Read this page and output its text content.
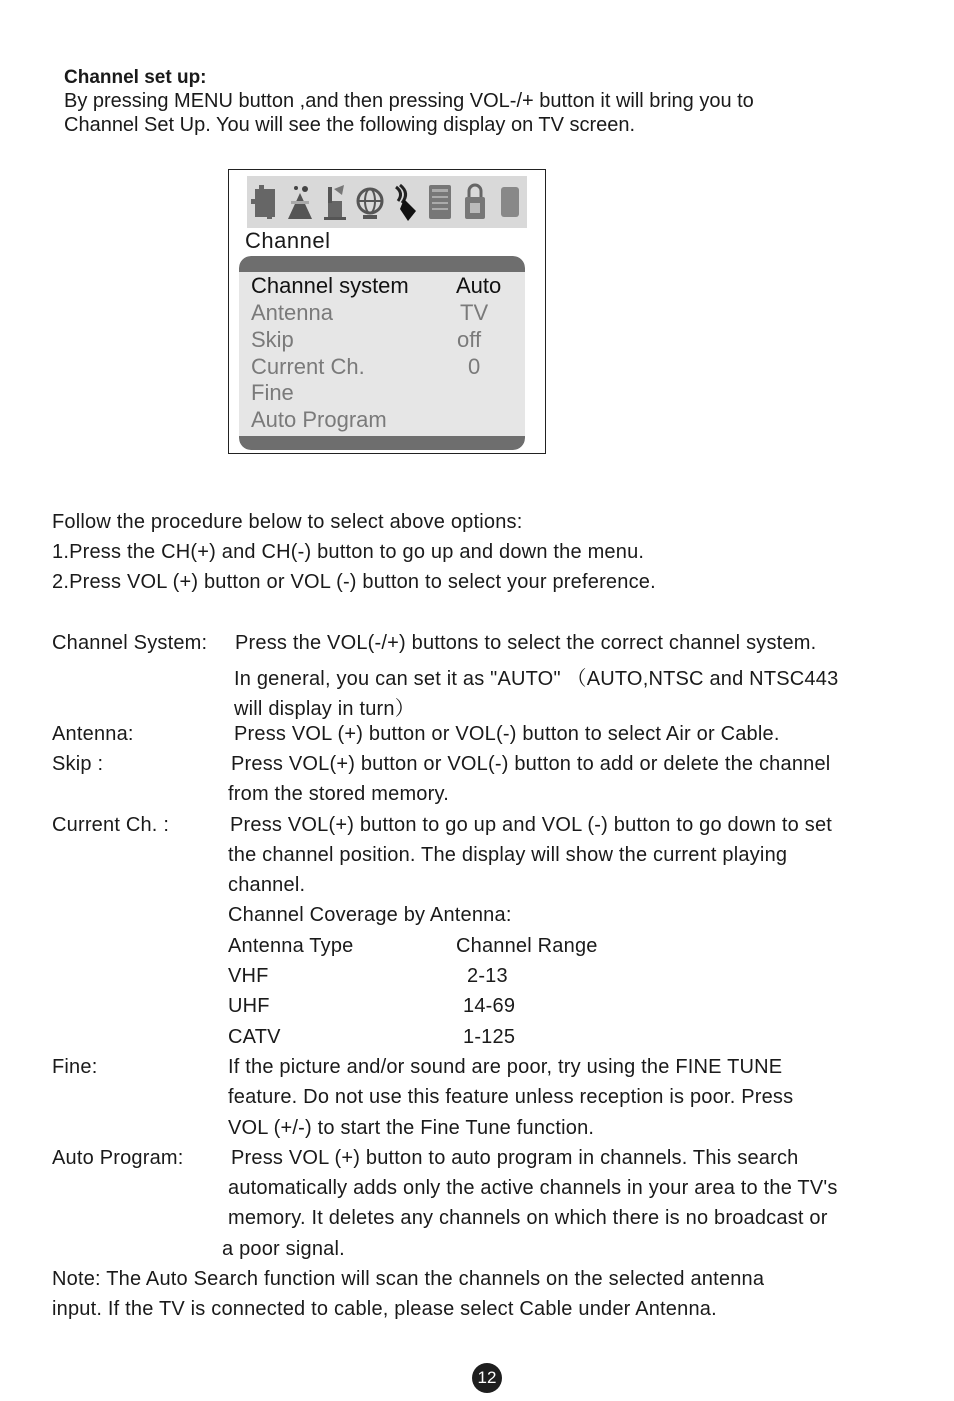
Channel set up:
By pressing MENU button ,and then pressing VOL-/+ button it will bring you to
Channel Set Up. You will see the following display on TV screen.
Channel
Channel system Auto
Antenna	TV
Skip	off
Current Ch.	0
Fine
Auto Program
Follow the procedure below to select above options:
1.Press the CH(+) and CH(-) button to go up and down the menu.
2.Press VOL (+) button or VOL (-) button to select your preference.
Channel System: Press the VOL(-/+) buttons to select the correct channel system.
In general, you can set it as "AUTO" （AUTO,NTSC and NTSC443
will display in turn）
Antenna:	Press VOL (+) button or VOL(-) button to select Air or Cable.
Skip :	Press VOL(+) button or VOL(-) button to add or delete the channel
from the stored memory.
Current Ch. :	Press VOL(+) button to go up and VOL (-) button to go down to set
the channel position. The display will show the current playing
channel.
Channel Coverage by Antenna:
Antenna Type	Channel Range
VHF	2-13
UHF	14-69
CATV	1-125
Fine:	If the picture and/or sound are poor, try using the FINE TUNE
feature. Do not use this feature unless reception is poor. Press
VOL (+/-) to start the Fine Tune function.
Auto Program: Press VOL (+) button to auto program in channels. This search
automatically adds only the active channels in your area to the TV's
memory. It deletes any channels on which there is no broadcast or
a poor signal.
Note: The Auto Search function will scan the channels on the selected antenna
input. If the TV is connected to cable, please select Cable under Antenna.
12
